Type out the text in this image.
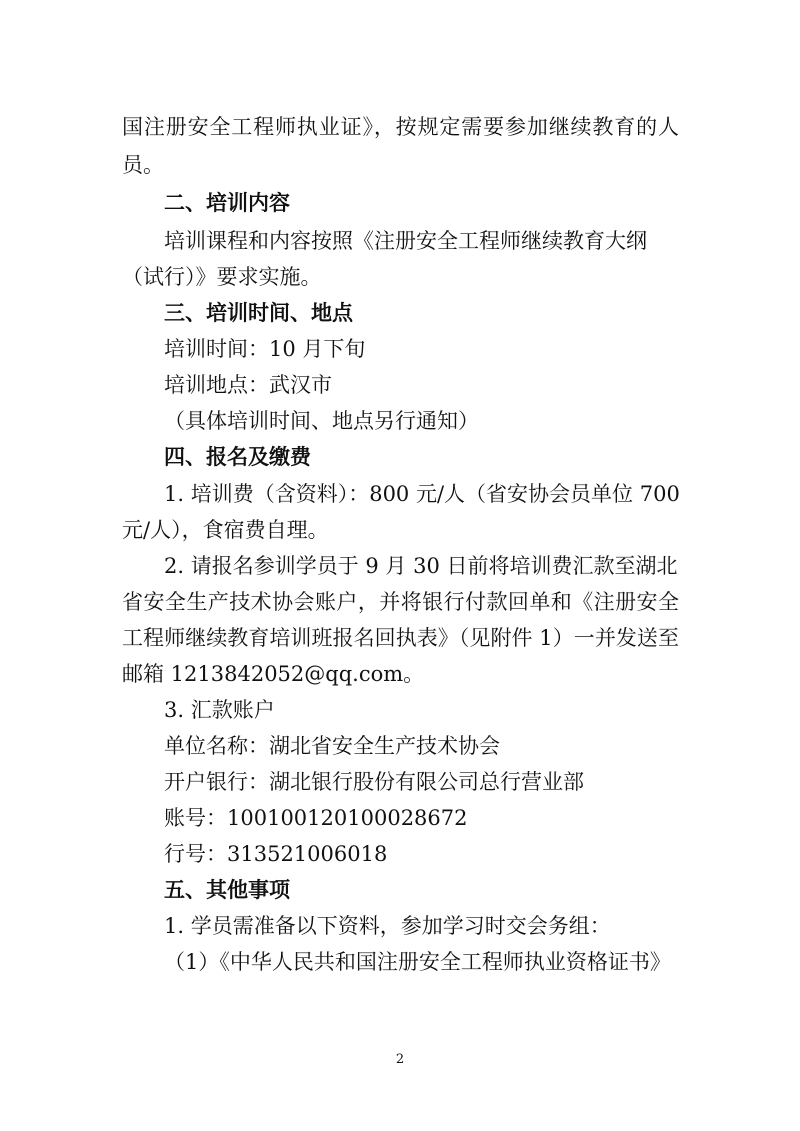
国注册安全工程师执业证》，按规定需要参加继续教育的人
员。
二、培训内容
培训课程和内容按照《注册安全工程师继续教育大纲
（试行）》要求实施。
三、培训时间、地点
培训时间：10 月下旬
培训地点：武汉市
（具体培训时间、地点另行通知）
四、报名及缴费
1. 培训费（含资料）：800 元/人（省安协会员单位 700
元/人），食宿费自理。
2. 请报名参训学员于 9 月 30 日前将培训费汇款至湖北
省安全生产技术协会账户，并将银行付款回单和《注册安全
工程师继续教育培训班报名回执表》（见附件 1）一并发送至
邮箱 1213842052@qq.com。
3. 汇款账户
单位名称：湖北省安全生产技术协会
开户银行：湖北银行股份有限公司总行营业部
账号：100100120100028672
行号：313521006018
五、其他事项
1. 学员需准备以下资料，参加学习时交会务组：
（1）《中华人民共和国注册安全工程师执业资格证书》
2
